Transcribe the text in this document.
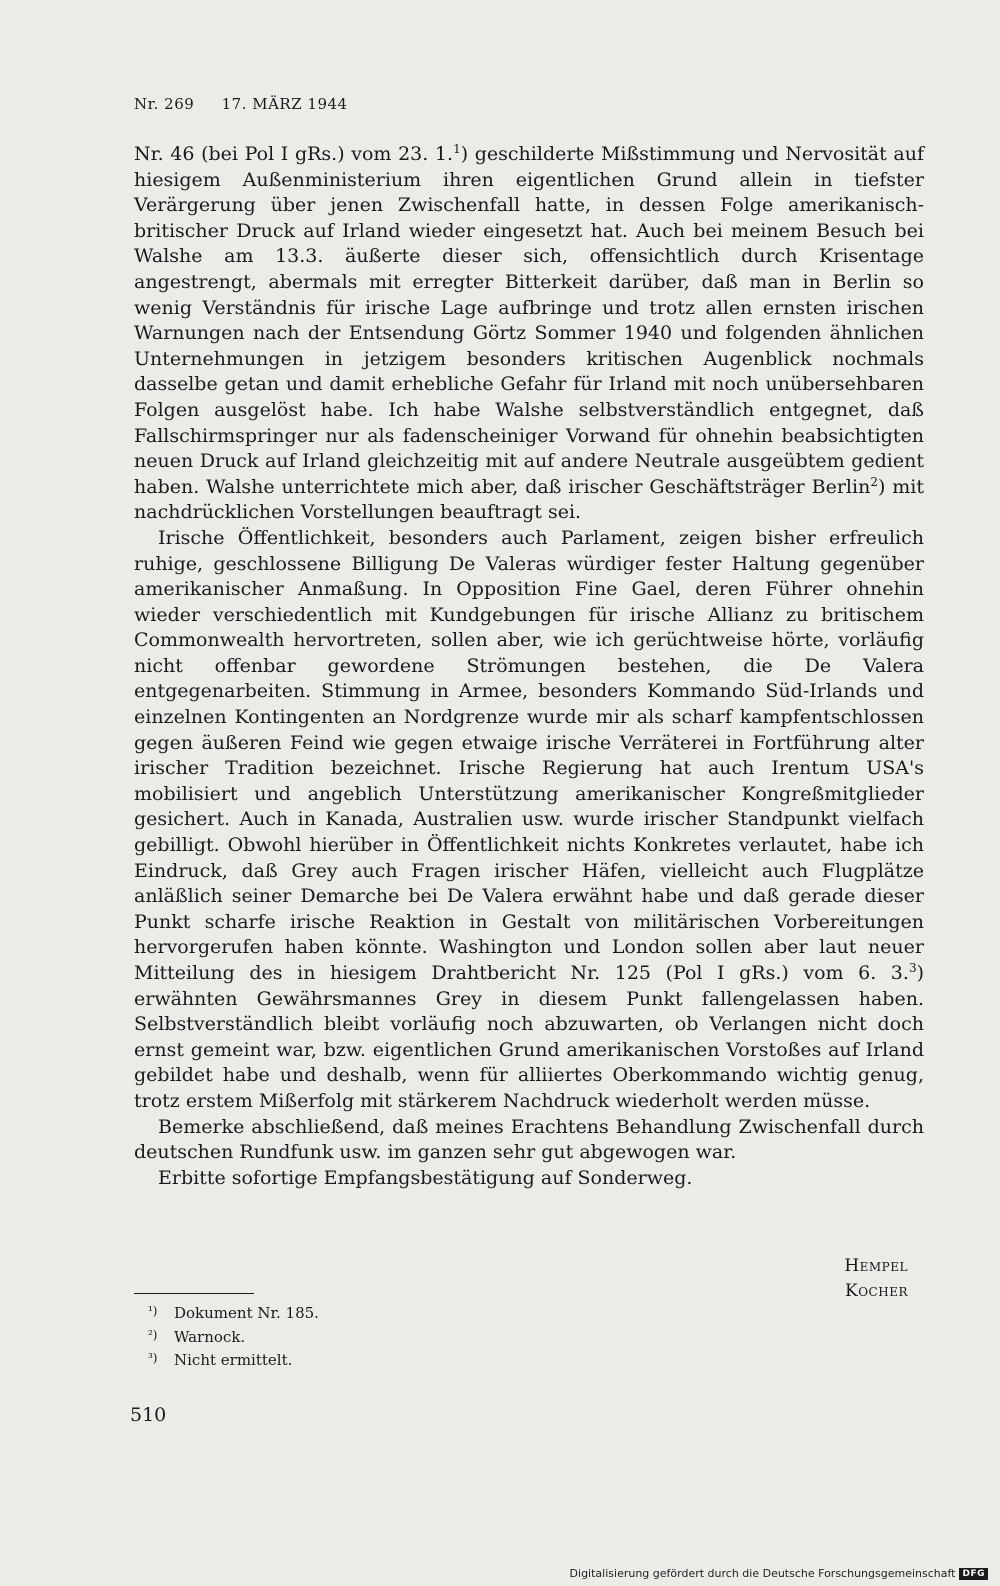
Nr. 269 17. MÄRZ 1944

Nr. 46 (bei Pol I gRs.) vom 23. 1.$^1$) geschilderte Mißstimmung und Nervosität auf hiesigem Außenministerium ihren eigentlichen Grund allein in tiefster Verärgerung über jenen Zwischenfall hatte, in dessen Folge amerikanisch-britischer Druck auf Irland wieder eingesetzt hat. Auch bei meinem Besuch bei Walshe am 13.3. äußerte dieser sich, offensichtlich durch Krisentage angestrengt, abermals mit erregter Bitterkeit darüber, daß man in Berlin so wenig Verständnis für irische Lage aufbringe und trotz allen ernsten irischen Warnungen nach der Entsendung Görtz Sommer 1940 und folgenden ähnlichen Unternehmungen in jetzigem besonders kritischen Augenblick nochmals dasselbe getan und damit erhebliche Gefahr für Irland mit noch unübersehbaren Folgen ausgelöst habe. Ich habe Walshe selbstverständlich entgegnet, daß Fallschirmspringer nur als fadenscheiniger Vorwand für ohnehin beabsichtigten neuen Druck auf Irland gleichzeitig mit auf andere Neutrale ausgeübtem gedient haben. Walshe unterrichtete mich aber, daß irischer Geschäftsträger Berlin$^2$) mit nachdrücklichen Vorstellungen beauftragt sei.

Irische Öffentlichkeit, besonders auch Parlament, zeigen bisher erfreulich ruhige, geschlossene Billigung De Valeras würdiger fester Haltung gegenüber amerikanischer Anmaßung. In Opposition Fine Gael, deren Führer ohnehin wieder verschiedentlich mit Kundgebungen für irische Allianz zu britischem Commonwealth hervortreten, sollen aber, wie ich gerüchtweise hörte, vorläufig nicht offenbar gewordene Strömungen bestehen, die De Valera entgegenarbeiten. Stimmung in Armee, besonders Kommando Süd-Irlands und einzelnen Kontingenten an Nordgrenze wurde mir als scharf kampfentschlossen gegen äußeren Feind wie gegen etwaige irische Verräterei in Fortführung alter irischer Tradition bezeichnet. Irische Regierung hat auch Irentum USA's mobilisiert und angeblich Unterstützung amerikanischer Kongreßmitglieder gesichert. Auch in Kanada, Australien usw. wurde irischer Standpunkt vielfach gebilligt. Obwohl hierüber in Öffentlichkeit nichts Konkretes verlautet, habe ich Eindruck, daß Grey auch Fragen irischer Häfen, vielleicht auch Flugplätze anläßlich seiner Demarche bei De Valera erwähnt habe und daß gerade dieser Punkt scharfe irische Reaktion in Gestalt von militärischen Vorbereitungen hervorgerufen haben könnte. Washington und London sollen aber laut neuer Mitteilung des in hiesigem Drahtbericht Nr. 125 (Pol I gRs.) vom 6. 3.$^3$) erwähnten Gewährsmannes Grey in diesem Punkt fallengelassen haben. Selbstverständlich bleibt vorläufig noch abzuwarten, ob Verlangen nicht doch ernst gemeint war, bzw. eigentlichen Grund amerikanischen Vorstoßes auf Irland gebildet habe und deshalb, wenn für alliiertes Oberkommando wichtig genug, trotz erstem Mißerfolg mit stärkerem Nachdruck wiederholt werden müsse.

Bemerke abschließend, daß meines Erachtens Behandlung Zwischenfall durch deutschen Rundfunk usw. im ganzen sehr gut abgewogen war.

Erbitte sofortige Empfangsbestätigung auf Sonderweg.

Hempel
Kocher
¹) Dokument Nr. 185.
²) Warnock.
³) Nicht ermittelt.
510
Digitalisierung gefördert durch die Deutsche Forschungsgemeinschaft DFG
